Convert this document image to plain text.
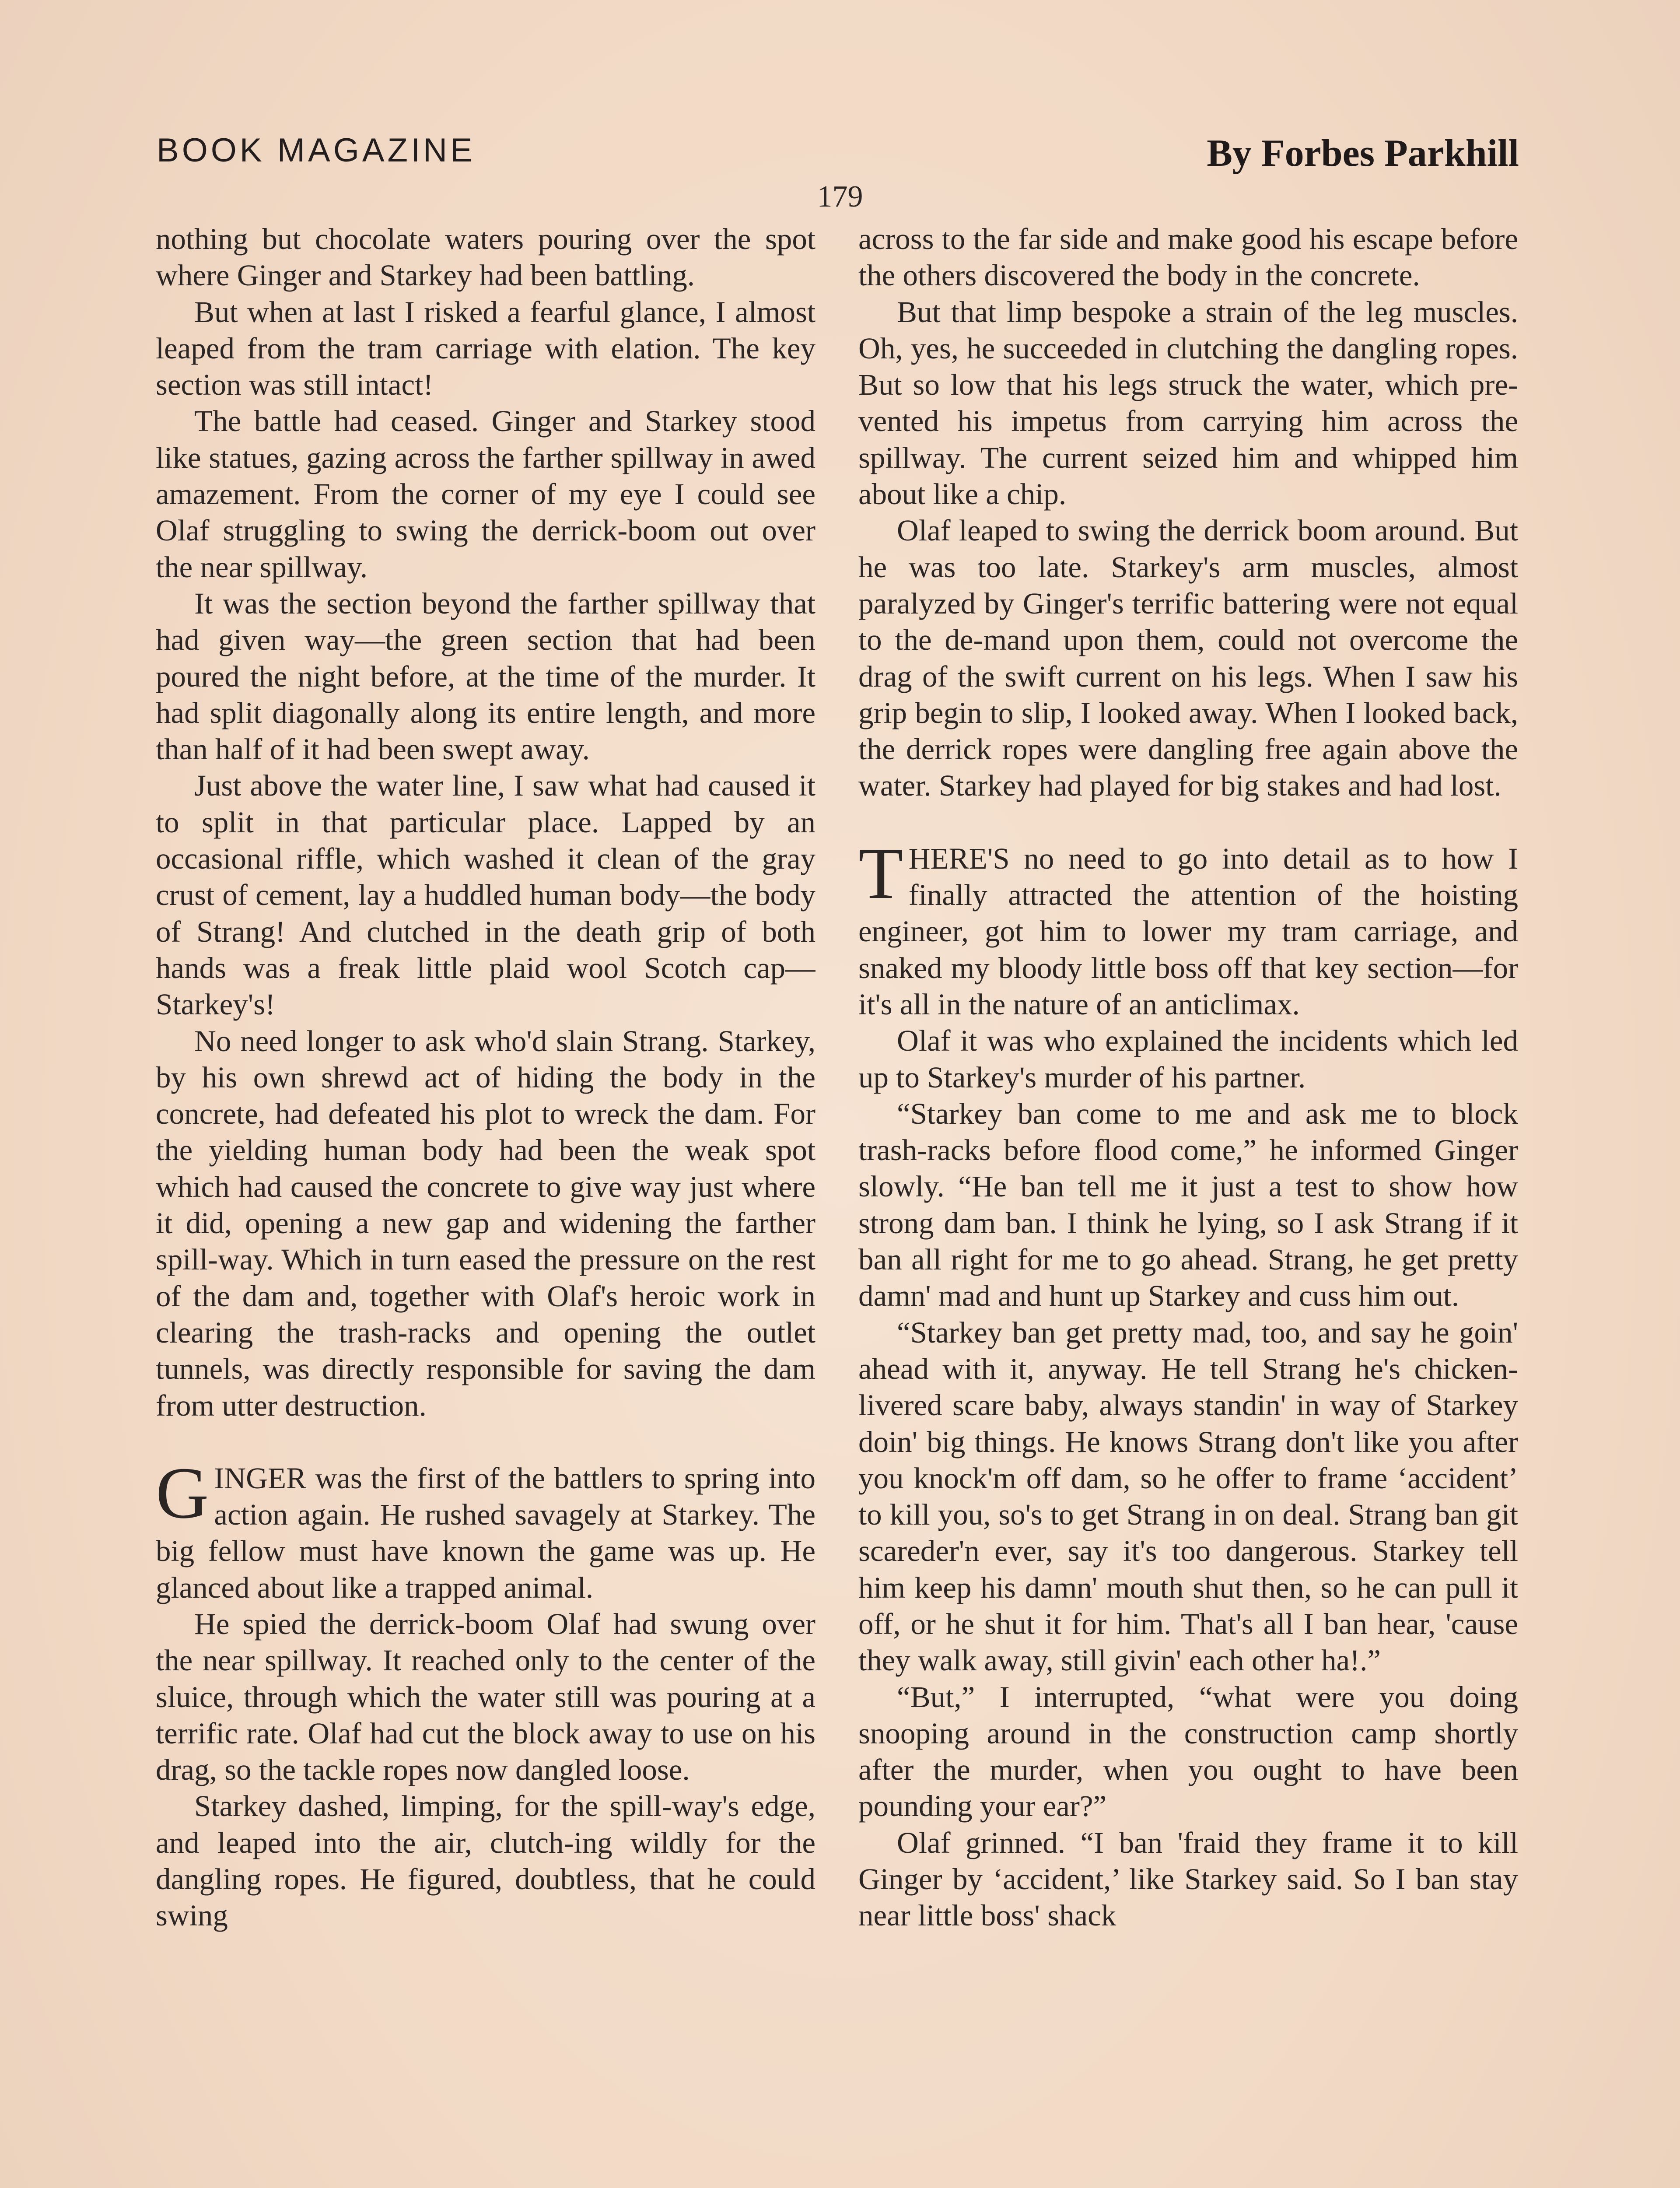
BOOK MAGAZINE	By Forbes Parkhill
179

nothing but chocolate waters pouring over the spot where Ginger and Starkey had been battling.

But when at last I risked a fearful glance, I almost leaped from the tram carriage with elation. The key section was still intact!

The battle had ceased. Ginger and Starkey stood like statues, gazing across the farther spillway in awed amazement. From the corner of my eye I could see Olaf struggling to swing the derrick-boom out over the near spillway.

It was the section beyond the farther spillway that had given way—the green section that had been poured the night before, at the time of the murder. It had split diagonally along its entire length, and more than half of it had been swept away.

Just above the water line, I saw what had caused it to split in that particular place. Lapped by an occasional riffle, which washed it clean of the gray crust of cement, lay a huddled human body—the body of Strang! And clutched in the death grip of both hands was a freak little plaid wool Scotch cap—Starkey's!

No need longer to ask who'd slain Strang. Starkey, by his own shrewd act of hiding the body in the concrete, had defeated his plot to wreck the dam. For the yielding human body had been the weak spot which had caused the concrete to give way just where it did, opening a new gap and widening the farther spill-way. Which in turn eased the pressure on the rest of the dam and, together with Olaf's heroic work in clearing the trash-racks and opening the outlet tunnels, was directly responsible for saving the dam from utter destruction.

GINGER was the first of the battlers to spring into action again. He rushed savagely at Starkey. The big fellow must have known the game was up. He glanced about like a trapped animal.

He spied the derrick-boom Olaf had swung over the near spillway. It reached only to the center of the sluice, through which the water still was pouring at a terrific rate. Olaf had cut the block away to use on his drag, so the tackle ropes now dangled loose.

Starkey dashed, limping, for the spill-way's edge, and leaped into the air, clutch-ing wildly for the dangling ropes. He figured, doubtless, that he could swing

across to the far side and make good his escape before the others discovered the body in the concrete.

But that limp bespoke a strain of the leg muscles. Oh, yes, he succeeded in clutching the dangling ropes. But so low that his legs struck the water, which pre-vented his impetus from carrying him across the spillway. The current seized him and whipped him about like a chip.

Olaf leaped to swing the derrick boom around. But he was too late. Starkey's arm muscles, almost paralyzed by Ginger's terrific battering were not equal to the de-mand upon them, could not overcome the drag of the swift current on his legs. When I saw his grip begin to slip, I looked away. When I looked back, the derrick ropes were dangling free again above the water. Starkey had played for big stakes and had lost.

THERE'S no need to go into detail as to how I finally attracted the attention of the hoisting engineer, got him to lower my tram carriage, and snaked my bloody little boss off that key section—for it's all in the nature of an anticlimax.

Olaf it was who explained the incidents which led up to Starkey's murder of his partner.

“Starkey ban come to me and ask me to block trash-racks before flood come,” he informed Ginger slowly. “He ban tell me it just a test to show how strong dam ban. I think he lying, so I ask Strang if it ban all right for me to go ahead. Strang, he get pretty damn' mad and hunt up Starkey and cuss him out.

“Starkey ban get pretty mad, too, and say he goin' ahead with it, anyway. He tell Strang he's chicken-livered scare baby, always standin' in way of Starkey doin' big things. He knows Strang don't like you after you knock'm off dam, so he offer to frame ‘accident’ to kill you, so's to get Strang in on deal. Strang ban git scareder'n ever, say it's too dangerous. Starkey tell him keep his damn' mouth shut then, so he can pull it off, or he shut it for him. That's all I ban hear, 'cause they walk away, still givin' each other ha!.”

“But,” I interrupted, “what were you doing snooping around in the construction camp shortly after the murder, when you ought to have been pounding your ear?”

Olaf grinned. “I ban 'fraid they frame it to kill Ginger by ‘accident,’ like Starkey said. So I ban stay near little boss' shack
